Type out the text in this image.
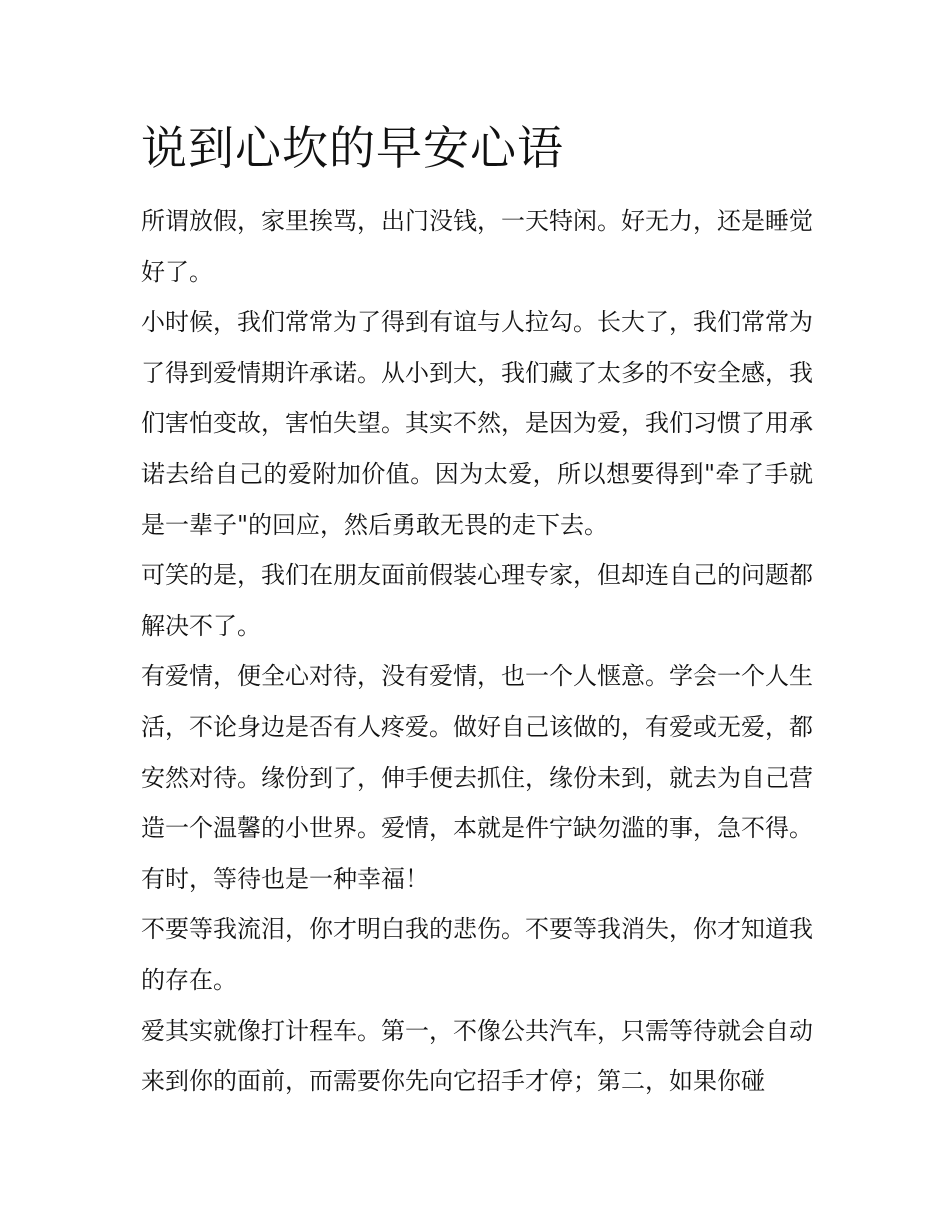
说到心坎的早安心语

所谓放假，家里挨骂，出门没钱，一天特闲。好无力，还是睡觉好了。

小时候，我们常常为了得到有谊与人拉勾。长大了，我们常常为了得到爱情期许承诺。从小到大，我们藏了太多的不安全感，我们害怕变故，害怕失望。其实不然，是因为爱，我们习惯了用承诺去给自己的爱附加价值。因为太爱，所以想要得到"牵了手就是一辈子"的回应，然后勇敢无畏的走下去。

可笑的是，我们在朋友面前假装心理专家，但却连自己的问题都解决不了。

有爱情，便全心对待，没有爱情，也一个人惬意。学会一个人生活，不论身边是否有人疼爱。做好自己该做的，有爱或无爱，都安然对待。缘份到了，伸手便去抓住，缘份未到，就去为自己营造一个温馨的小世界。爱情，本就是件宁缺勿滥的事，急不得。有时，等待也是一种幸福！

不要等我流泪，你才明白我的悲伤。不要等我消失，你才知道我的存在。

爱其实就像打计程车。第一，不像公共汽车，只需等待就会自动来到你的面前，而需要你先向它招手才停；第二，如果你碰
